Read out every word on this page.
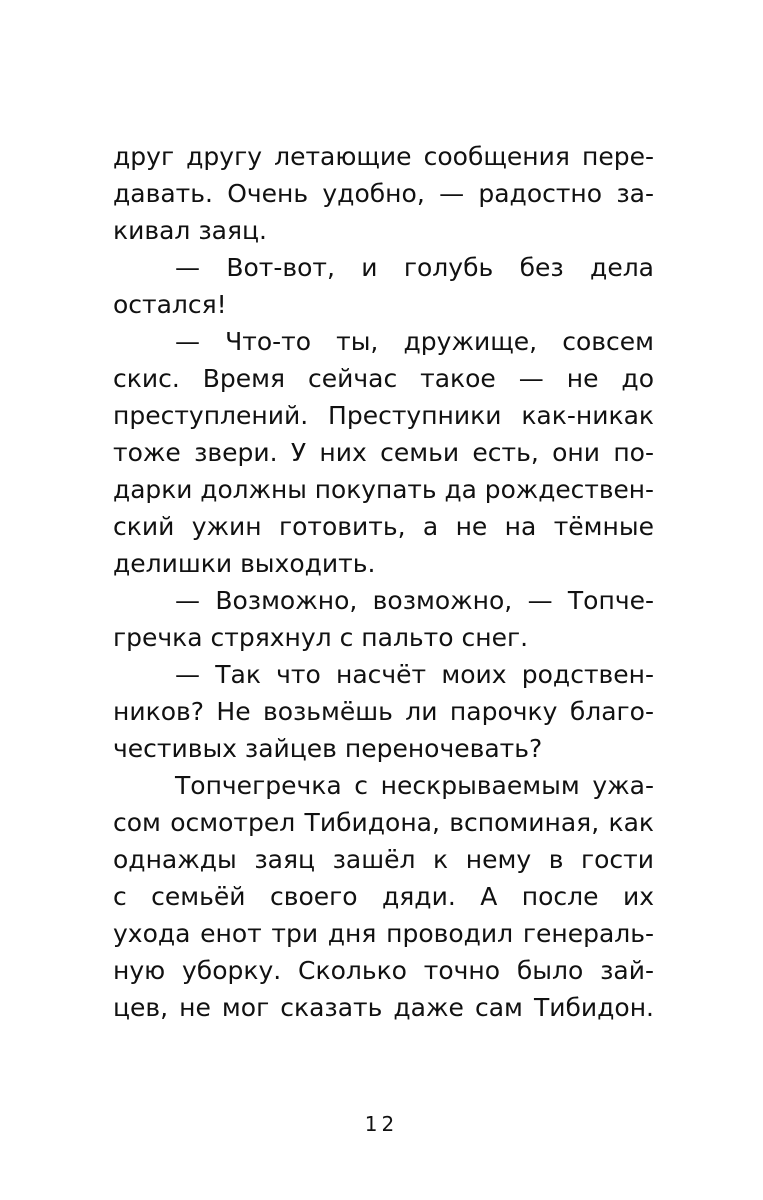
друг другу летающие сообщения пере-
давать. Очень удобно, — радостно за-
кивал заяц.
— Вот-вот, и голубь без дела
остался!
— Что-то ты, дружище, совсем
скис. Время сейчас такое — не до
преступлений. Преступники как-никак
тоже звери. У них семьи есть, они по-
дарки должны покупать да рождествен-
ский ужин готовить, а не на тёмные
делишки выходить.
— Возможно, возможно, — Топче-
гречка стряхнул с пальто снег.
— Так что насчёт моих родствен-
ников? Не возьмёшь ли парочку благо-
честивых зайцев переночевать?
Топчегречка с нескрываемым ужа-
сом осмотрел Тибидона, вспоминая, как
однажды заяц зашёл к нему в гости
с семьёй своего дяди. А после их
ухода енот три дня проводил генераль-
ную уборку. Сколько точно было зай-
цев, не мог сказать даже сам Тибидон.
12
